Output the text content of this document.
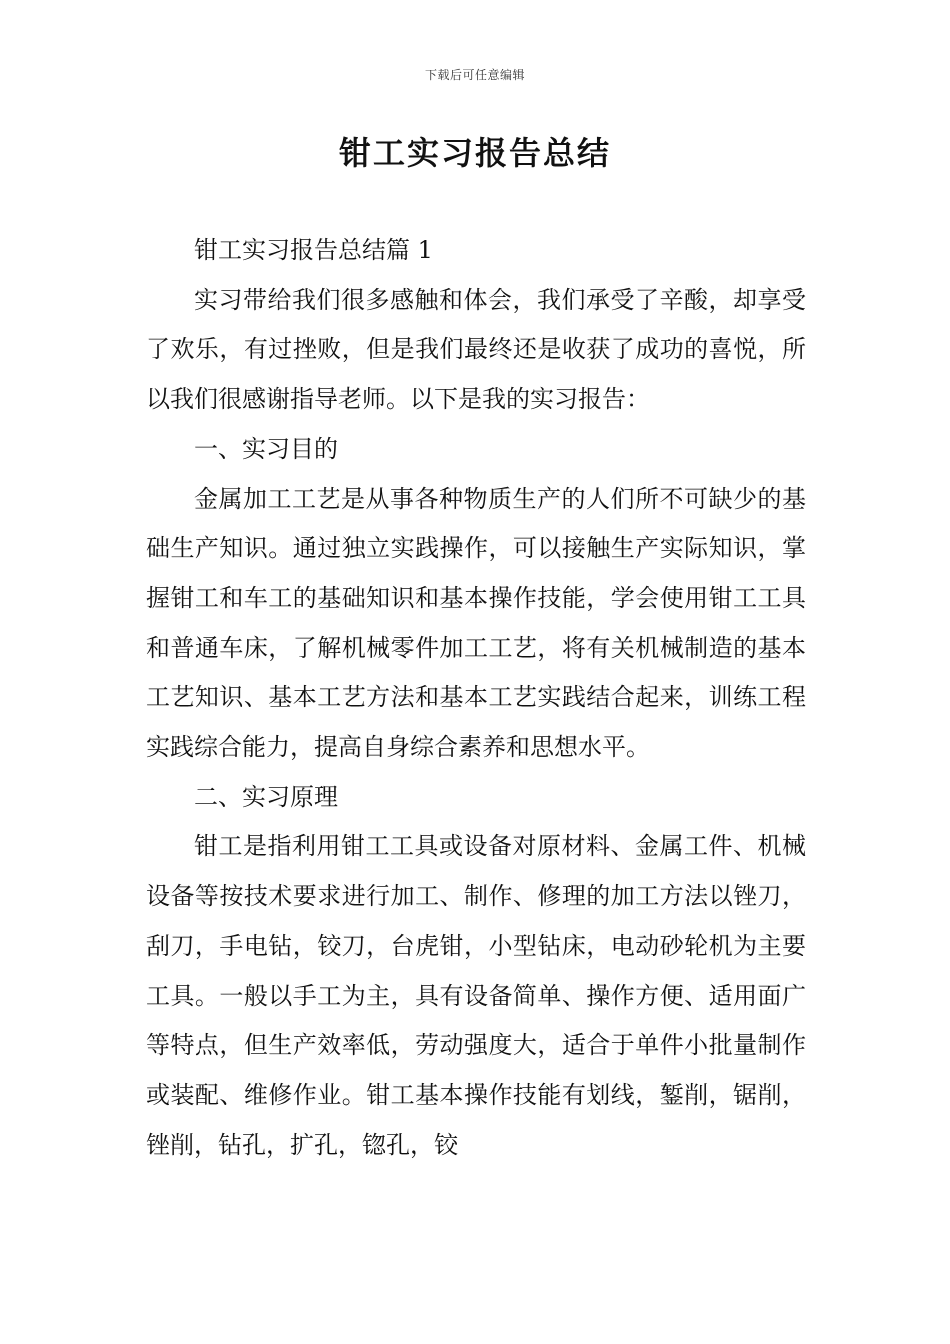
下载后可任意编辑
钳工实习报告总结

钳工实习报告总结篇 1

实习带给我们很多感触和体会，我们承受了辛酸，却享受了欢乐，有过挫败，但是我们最终还是收获了成功的喜悦，所以我们很感谢指导老师。以下是我的实习报告：

一、实习目的

金属加工工艺是从事各种物质生产的人们所不可缺少的基础生产知识。通过独立实践操作，可以接触生产实际知识，掌握钳工和车工的基础知识和基本操作技能，学会使用钳工工具和普通车床，了解机械零件加工工艺，将有关机械制造的基本工艺知识、基本工艺方法和基本工艺实践结合起来，训练工程实践综合能力，提高自身综合素养和思想水平。

二、实习原理

钳工是指利用钳工工具或设备对原材料、金属工件、机械设备等按技术要求进行加工、制作、修理的加工方法以锉刀，刮刀，手电钻，铰刀，台虎钳，小型钻床，电动砂轮机为主要工具。一般以手工为主，具有设备简单、操作方便、适用面广等特点，但生产效率低，劳动强度大，适合于单件小批量制作或装配、维修作业。钳工基本操作技能有划线，錾削，锯削，锉削，钻孔，扩孔，锪孔，铰
